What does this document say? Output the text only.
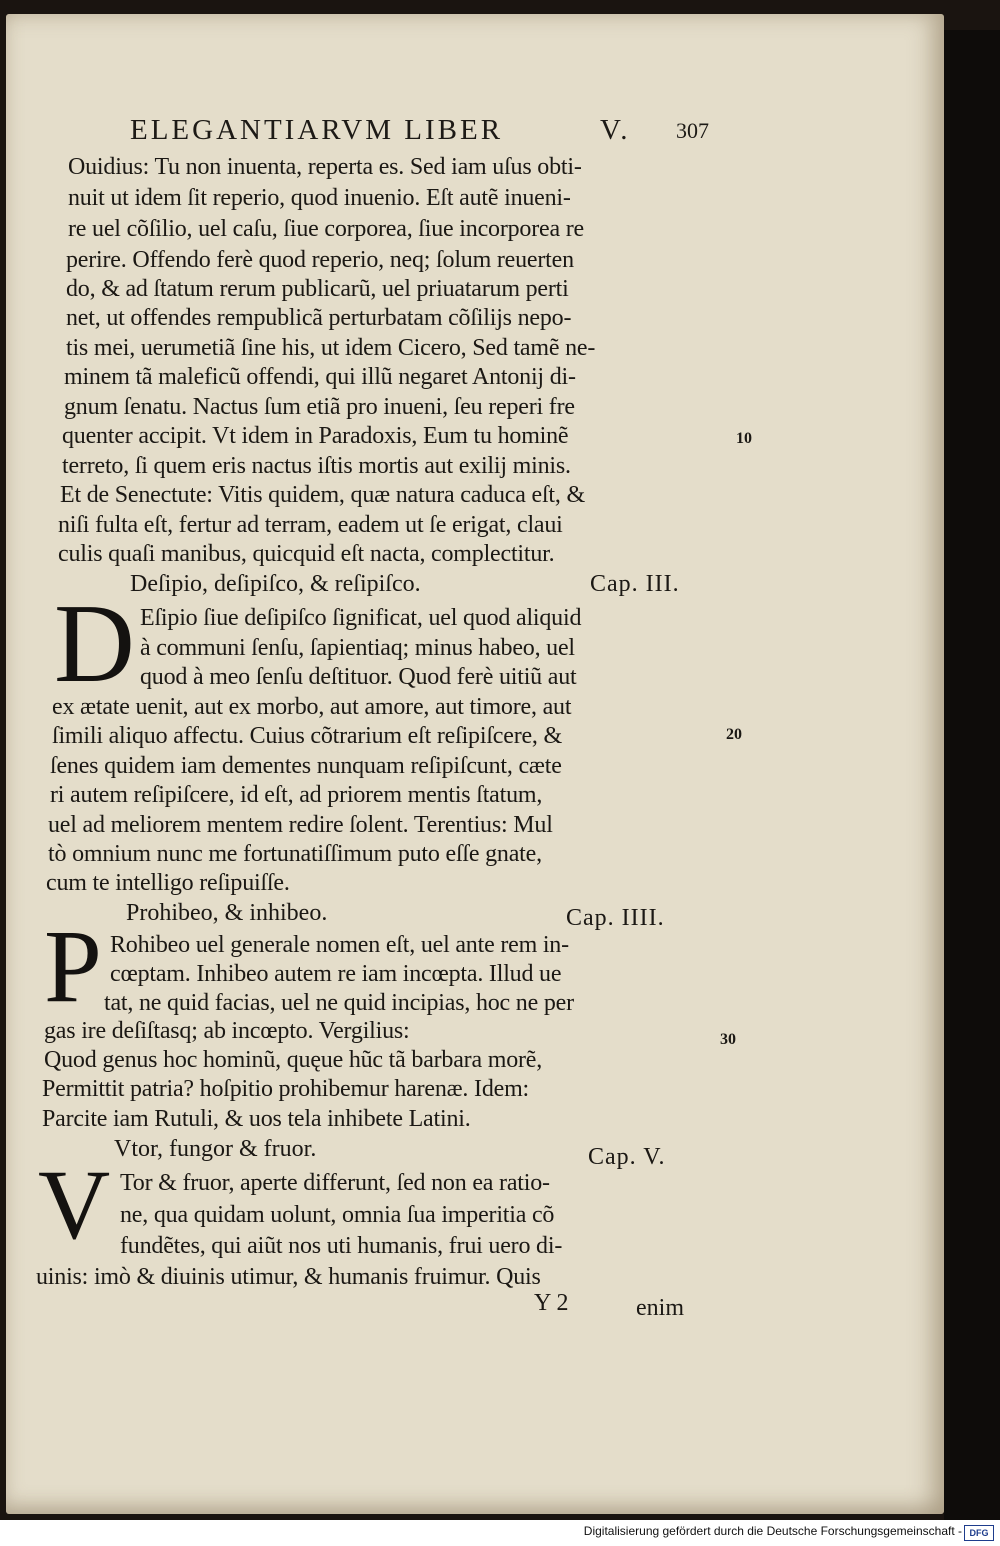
ELEGANTIARVM LIBER	V. 307
Ouidius: Tu non inuenta, reperta es. Sed iam uſus obti-
nuit ut idem ſit reperio, quod inuenio. Eſt autẽ inueni-
re uel cõſilio, uel caſu, ſiue corporea, ſiue incorporea re
perire. Offendo ferè quod reperio, neq; ſolum reuerten
do, & ad ſtatum rerum publicarũ, uel priuatarum perti
net, ut offendes rempublicã perturbatam cõſilijs nepo-
tis mei, uerumetiã ſine his, ut idem Cicero, Sed tamẽ ne-
minem tã maleficũ offendi, qui illũ negaret Antonij di-
gnum ſenatu. Nactus ſum etiã pro inueni, ſeu reperi fre
quenter accipit. Vt idem in Paradoxis, Eum tu hominẽ
terreto, ſi quem eris nactus iſtis mortis aut exilij minis.
Et de Senectute: Vitis quidem, quæ natura caduca eſt, &
niſi fulta eſt, fertur ad terram, eadem ut ſe erigat, claui
culis quaſi manibus, quicquid eſt nacta, complectitur.
Deſipio, deſipiſco, & reſipiſco.	Cap. III.
D Eſipio ſiue deſipiſco ſignificat, uel quod aliquid
à communi ſenſu, ſapientiaq; minus habeo, uel
quod à meo ſenſu deſtituor. Quod ferè uitiũ aut
ex ætate uenit, aut ex morbo, aut amore, aut timore, aut
ſimili aliquo affectu. Cuius cõtrarium eſt reſipiſcere, &
ſenes quidem iam dementes nunquam reſipiſcunt, cæte
ri autem reſipiſcere, id eſt, ad priorem mentis ſtatum,
uel ad meliorem mentem redire ſolent. Terentius: Mul
tò omnium nunc me fortunatiſſimum puto eſſe gnate,
cum te intelligo reſipuiſſe.
Prohibeo, & inhibeo.	Cap. IIII.
P Rohibeo uel generale nomen eſt, uel ante rem in-
cœptam. Inhibeo autem re iam incœpta. Illud ue
tat, ne quid facias, uel ne quid incipias, hoc ne per
gas ire deſiſtasq; ab incœpto. Vergilius:
Quod genus hoc hominũ, quęue hũc tã barbara morẽ,
Permittit patria? hoſpitio prohibemur harenæ. Idem:
Parcite iam Rutuli, & uos tela inhibete Latini.
Vtor, fungor & fruor.	Cap. V.
V Tor & fruor, aperte differunt, ſed non ea ratio-
ne, qua quidam uolunt, omnia ſua imperitia cõ
fundẽtes, qui aiũt nos uti humanis, frui uero di-
uinis: imò & diuinis utimur, & humanis fruimur. Quis
Y 2	enim
10
20
30
Digitalisierung gefördert durch die Deutsche Forschungsgemeinschaft - DFG
